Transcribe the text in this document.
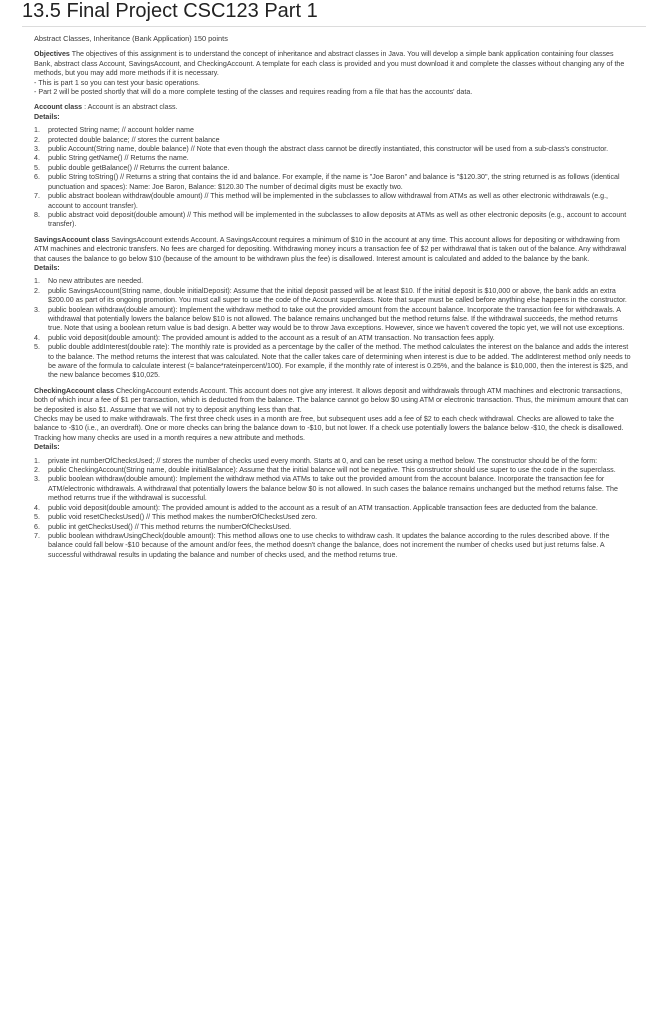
13.5 Final Project CSC123 Part 1

Abstract Classes, Inheritance (Bank Application) 150 points

Objectives The objectives of this assignment is to understand the concept of inheritance and abstract classes in Java. You will develop a simple bank application containing four classes Bank, abstract class Account, SavingsAccount, and CheckingAccount. A template for each class is provided and you must download it and complete the classes without changing any of the methods, but you may add more methods if it is necessary.

- This is part 1 so you can test your basic operations.

- Part 2 will be posted shortly that will do a more complete testing of the classes and requires reading from a file that has the accounts' data.

Account class : Account is an abstract class.

Details:

1. protected String name; // account holder name
2. protected double balance; // stores the current balance
3. public Account(String name, double balance) // Note that even though the abstract class cannot be directly instantiated, this constructor will be used from a sub-class's constructor.
4. public String getName() // Returns the name.
5. public double getBalance() // Returns the current balance.
6. public String toString() // Returns a string that contains the id and balance. For example, if the name is "Joe Baron" and balance is "$120.30", the string returned is as follows (identical punctuation and spaces): Name: Joe Baron, Balance: $120.30 The number of decimal digits must be exactly two.
7. public abstract boolean withdraw(double amount) // This method will be implemented in the subclasses to allow withdrawal from ATMs as well as other electronic withdrawals (e.g., account to account transfer).
8. public abstract void deposit(double amount) // This method will be implemented in the subclasses to allow deposits at ATMs as well as other electronic deposits (e.g., account to account transfer).

SavingsAccount class SavingsAccount extends Account. A SavingsAccount requires a minimum of $10 in the account at any time. This account allows for depositing or withdrawing from ATM machines and electronic transfers. No fees are charged for depositing. Withdrawing money incurs a transaction fee of $2 per withdrawal that is taken out of the balance. Any withdrawal that causes the balance to go below $10 (because of the amount to be withdrawn plus the fee) is disallowed. Interest amount is calculated and added to the balance by the bank.

Details:

1. No new attributes are needed.
2. public SavingsAccount(String name, double initialDeposit): Assume that the initial deposit passed will be at least $10. If the initial deposit is $10,000 or above, the bank adds an extra $200.00 as part of its ongoing promotion. You must call super to use the code of the Account superclass. Note that super must be called before anything else happens in the constructor.
3. public boolean withdraw(double amount): Implement the withdraw method to take out the provided amount from the account balance. Incorporate the transaction fee for withdrawals. A withdrawal that potentially lowers the balance below $10 is not allowed. The balance remains unchanged but the method returns false. If the withdrawal succeeds, the method returns true. Note that using a boolean return value is bad design. A better way would be to throw Java exceptions. However, since we haven't covered the topic yet, we will not use exceptions.
4. public void deposit(double amount): The provided amount is added to the account as a result of an ATM transaction. No transaction fees apply.
5. public double addInterest(double rate): The monthly rate is provided as a percentage by the caller of the method. The method calculates the interest on the balance and adds the interest to the balance. The method returns the interest that was calculated. Note that the caller takes care of determining when interest is due to be added. The addInterest method only needs to be aware of the formula to calculate interest (= balance*rateinpercent/100). For example, if the monthly rate of interest is 0.25%, and the balance is $10,000, then the interest is $25, and the new balance becomes $10,025.

CheckingAccount class CheckingAccount extends Account. This account does not give any interest. It allows deposit and withdrawals through ATM machines and electronic transactions, both of which incur a fee of $1 per transaction, which is deducted from the balance. The balance cannot go below $0 using ATM or electronic transaction. Thus, the minimum amount that can be deposited is also $1. Assume that we will not try to deposit anything less than that.

Checks may be used to make withdrawals. The first three check uses in a month are free, but subsequent uses add a fee of $2 to each check withdrawal. Checks are allowed to take the balance to -$10 (i.e., an overdraft). One or more checks can bring the balance down to -$10, but not lower. If a check use potentially lowers the balance below -$10, the check is disallowed. Tracking how many checks are used in a month requires a new attribute and methods.

Details:

1. private int numberOfChecksUsed; // stores the number of checks used every month. Starts at 0, and can be reset using a method below. The constructor should be of the form:
2. public CheckingAccount(String name, double initialBalance): Assume that the initial balance will not be negative. This constructor should use super to use the code in the superclass.
3. public boolean withdraw(double amount): Implement the withdraw method via ATMs to take out the provided amount from the account balance. Incorporate the transaction fee for ATM/electronic withdrawals. A withdrawal that potentially lowers the balance below $0 is not allowed. In such cases the balance remains unchanged but the method returns false. The method returns true if the withdrawal is successful.
4. public void deposit(double amount): The provided amount is added to the account as a result of an ATM transaction. Applicable transaction fees are deducted from the balance.
5. public void resetChecksUsed() // This method makes the numberOfChecksUsed zero.
6. public int getChecksUsed() // This method returns the numberOfChecksUsed.
7. public boolean withdrawUsingCheck(double amount): This method allows one to use checks to withdraw cash. It updates the balance according to the rules described above. If the balance could fall below -$10 because of the amount and/or fees, the method doesn't change the balance, does not increment the number of checks used but just returns false. A successful withdrawal results in updating the balance and number of checks used, and the method returns true.
